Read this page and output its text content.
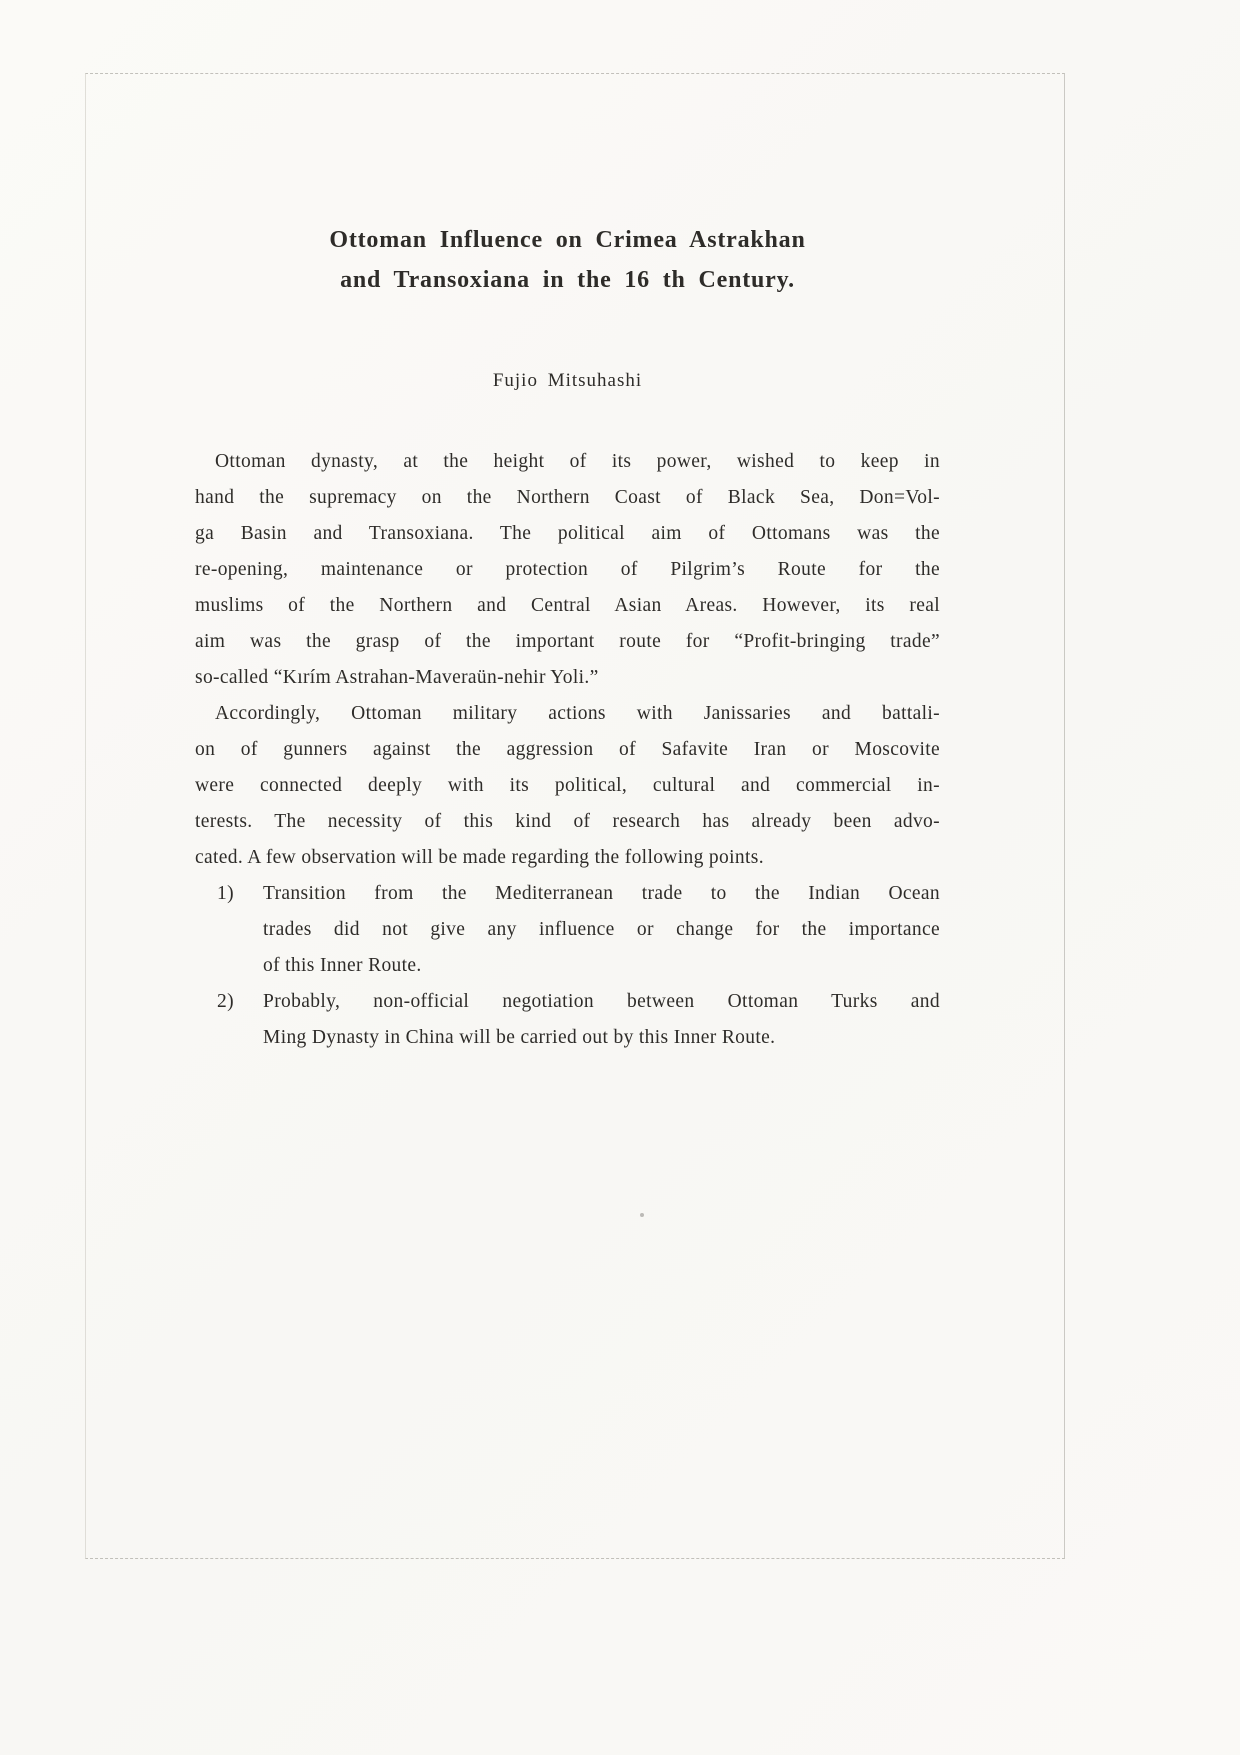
Ottoman Influence on Crimea Astrakhan
and Transoxiana in the 16 th Century.
Fujio Mitsuhashi
Ottoman dynasty, at the height of its power, wished to keep in
hand the supremacy on the Northern Coast of Black Sea, Don=Vol-
ga Basin and Transoxiana. The political aim of Ottomans was the
re-opening, maintenance or protection of Pilgrim’s Route for the
muslims of the Northern and Central Asian Areas. However, its real
aim was the grasp of the important route for “Profit-bringing trade”
so-called “Kırím Astrahan-Maveraün-nehir Yoli.”
Accordingly, Ottoman military actions with Janissaries and battali-
on of gunners against the aggression of Safavite Iran or Moscovite
were connected deeply with its political, cultural and commercial in-
terests. The necessity of this kind of research has already been advo-
cated. A few observation will be made regarding the following points.
1)	Transition from the Mediterranean trade to the Indian Ocean
trades did not give any influence or change for the importance
of this Inner Route.
2)	Probably, non-official negotiation between Ottoman Turks and
Ming Dynasty in China will be carried out by this Inner Route.
